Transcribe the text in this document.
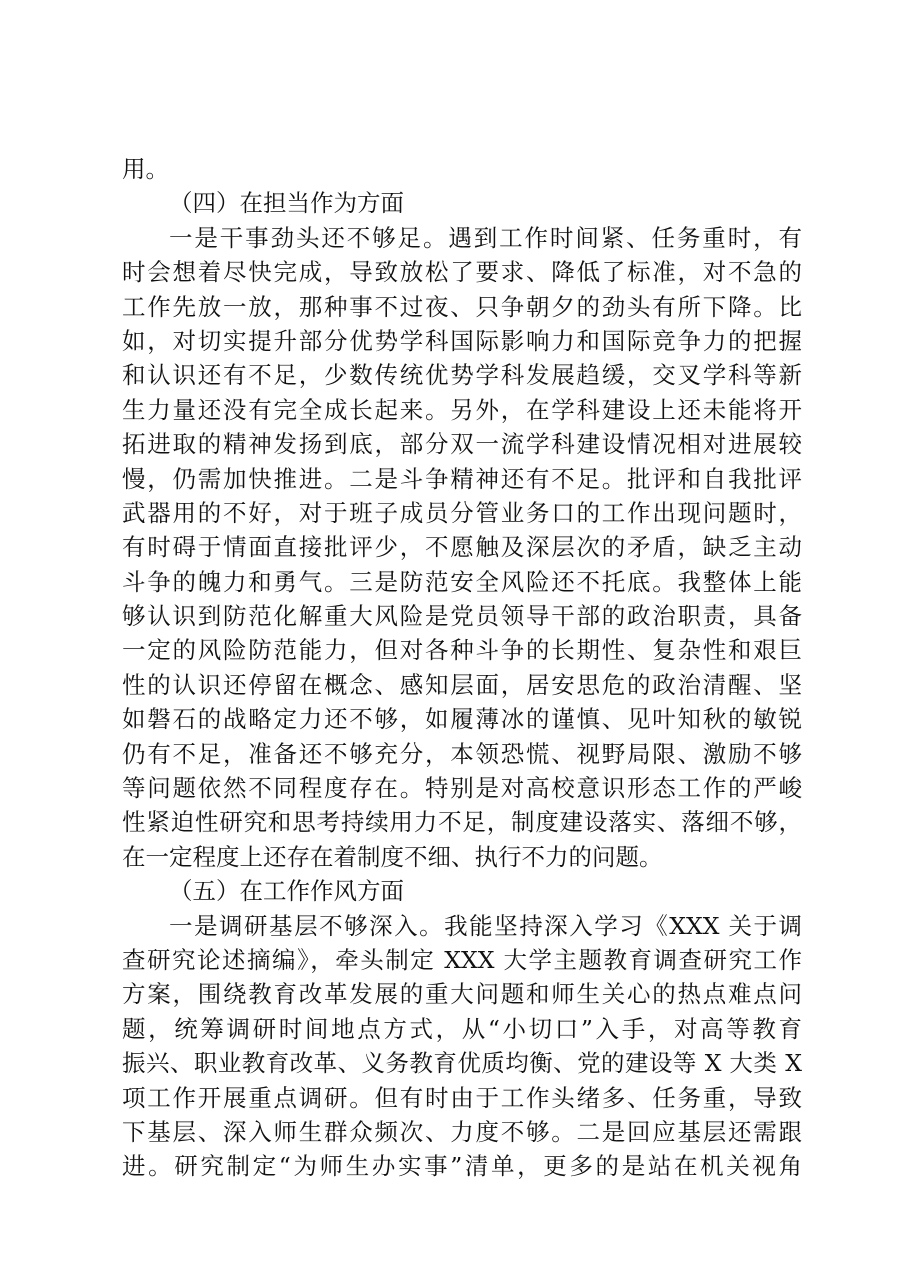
用。
（四）在担当作为方面
一是干事劲头还不够足。遇到工作时间紧、任务重时，有
时会想着尽快完成，导致放松了要求、降低了标准，对不急的
工作先放一放，那种事不过夜、只争朝夕的劲头有所下降。比
如，对切实提升部分优势学科国际影响力和国际竞争力的把握
和认识还有不足，少数传统优势学科发展趋缓，交叉学科等新
生力量还没有完全成长起来。另外，在学科建设上还未能将开
拓进取的精神发扬到底，部分双一流学科建设情况相对进展较
慢，仍需加快推进。二是斗争精神还有不足。批评和自我批评
武器用的不好，对于班子成员分管业务口的工作出现问题时，
有时碍于情面直接批评少，不愿触及深层次的矛盾，缺乏主动
斗争的魄力和勇气。三是防范安全风险还不托底。我整体上能
够认识到防范化解重大风险是党员领导干部的政治职责，具备
一定的风险防范能力，但对各种斗争的长期性、复杂性和艰巨
性的认识还停留在概念、感知层面，居安思危的政治清醒、坚
如磐石的战略定力还不够，如履薄冰的谨慎、见叶知秋的敏锐
仍有不足，准备还不够充分，本领恐慌、视野局限、激励不够
等问题依然不同程度存在。特别是对高校意识形态工作的严峻
性紧迫性研究和思考持续用力不足，制度建设落实、落细不够，
在一定程度上还存在着制度不细、执行不力的问题。
（五）在工作作风方面
一是调研基层不够深入。我能坚持深入学习《XXX 关于调
查研究论述摘编》，牵头制定 XXX 大学主题教育调查研究工作
方案，围绕教育改革发展的重大问题和师生关心的热点难点问
题，统筹调研时间地点方式，从“小切口”入手，对高等教育
振兴、职业教育改革、义务教育优质均衡、党的建设等 X 大类 X
项工作开展重点调研。但有时由于工作头绪多、任务重，导致
下基层、深入师生群众频次、力度不够。二是回应基层还需跟
进。研究制定“为师生办实事”清单，更多的是站在机关视角
